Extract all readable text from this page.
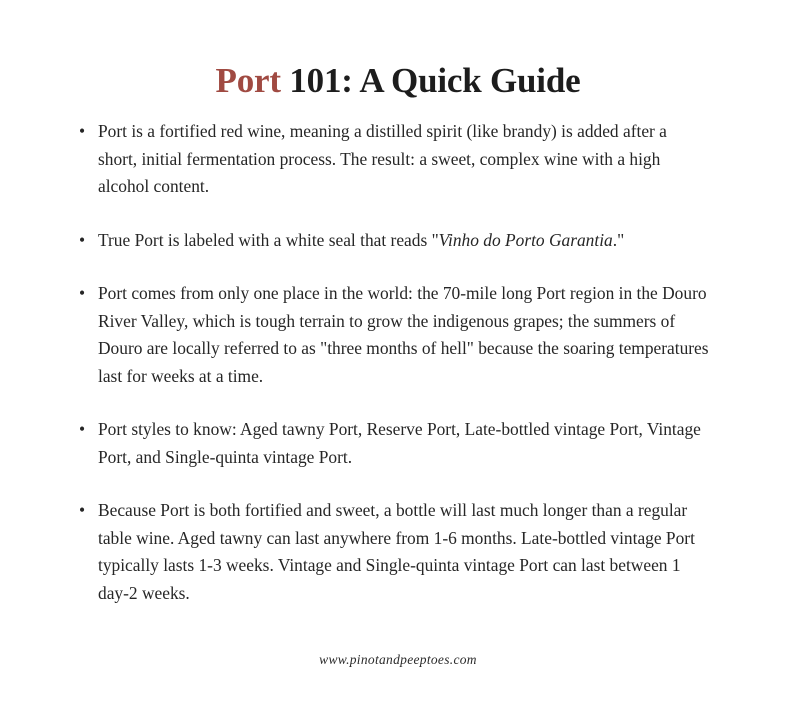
Port 101: A Quick Guide
• Port is a fortified red wine, meaning a distilled spirit (like brandy) is added after a short, initial fermentation process. The result: a sweet, complex wine with a high alcohol content.
• True Port is labeled with a white seal that reads "Vinho do Porto Garantia."
• Port comes from only one place in the world: the 70-mile long Port region in the Douro River Valley, which is tough terrain to grow the indigenous grapes; the summers of Douro are locally referred to as "three months of hell" because the soaring temperatures last for weeks at a time.
• Port styles to know: Aged tawny Port, Reserve Port, Late-bottled vintage Port, Vintage Port, and Single-quinta vintage Port.
• Because Port is both fortified and sweet, a bottle will last much longer than a regular table wine. Aged tawny can last anywhere from 1-6 months. Late-bottled vintage Port typically lasts 1-3 weeks. Vintage and Single-quinta vintage Port can last between 1 day-2 weeks.
www.pinotandpeeptoes.com
